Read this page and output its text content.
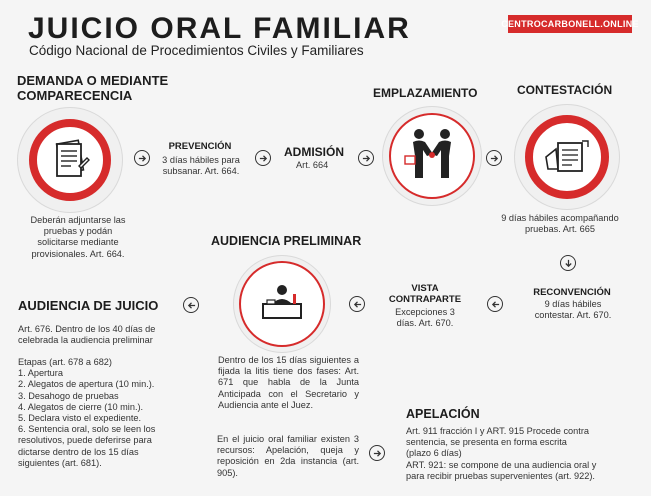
JUICIO ORAL FAMILIAR
Código Nacional de Procedimientos Civiles y Familiares
CENTROCARBONELL.ONLINE
DEMANDA O MEDIANTE
COMPARECENCIA
Deberán adjuntarse las
pruebas y podán
solicitarse mediante
provisionales. Art. 664.
PREVENCIÓN
3 días hábiles para
subsanar. Art. 664.
ADMISIÓN
Art. 664
EMPLAZAMIENTO	CONTESTACIÓN
9 días hábiles acompañando
pruebas. Art. 665
RECONVENCIÓN
9 días hábiles
contestar. Art. 670.
VISTA
CONTRAPARTE
Excepciones 3
días. Art. 670.
AUDIENCIA PRELIMINAR
Dentro de los 15 días siguientes a fijada la litis tiene dos fases: Art. 671 que habla de la Junta Anticipada con el Secretario y Audiencia ante el Juez.
En el juicio oral familiar existen 3 recursos: Apelación, queja y reposición en 2da instancia (art. 905).
AUDIENCIA DE JUICIO
Art. 676. Dentro de los 40 días de
celebrada la audiencia preliminar
Etapas (art. 678 a 682)
1. Apertura
2. Alegatos de apertura (10 min.).
3. Desahogo de pruebas
4. Alegatos de cierre (10 min.).
5. Declara visto el expediente.
6. Sentencia oral, solo se leen los
resolutivos, puede deferirse para
dictarse dentro de los 15 días
siguientes (art. 681).
APELACIÓN
Art. 911 fracción I y ART. 915 Procede contra
sentencia, se presenta en forma escrita
(plazo 6 días)
ART. 921: se compone de una audiencia oral y
para recibir pruebas supervenientes (art. 922).
